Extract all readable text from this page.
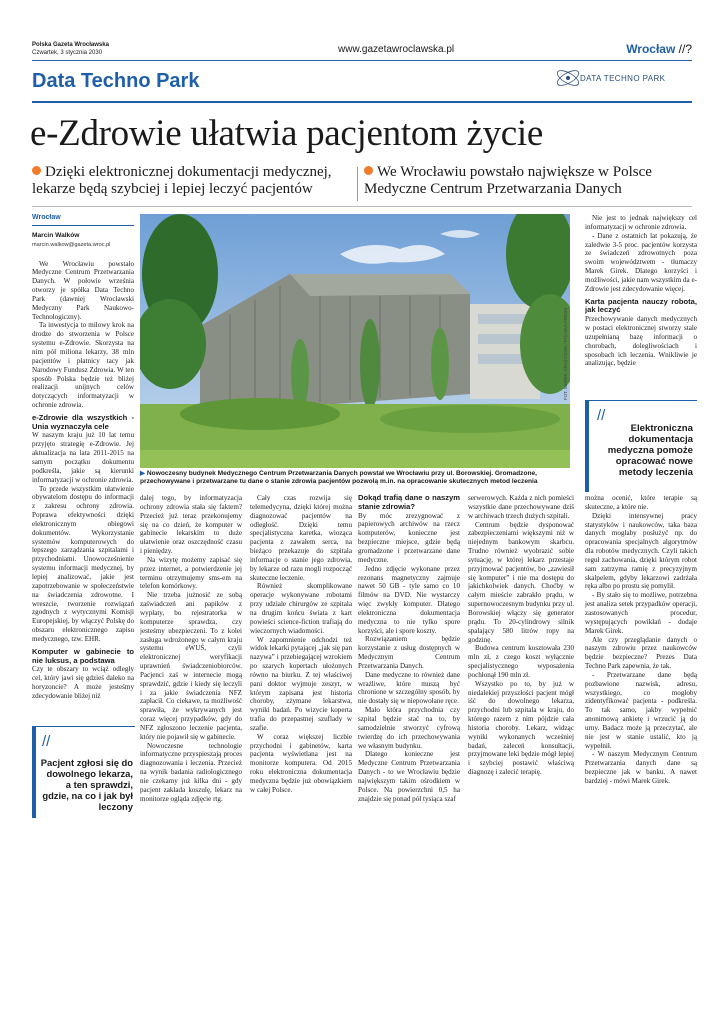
Polska Gazeta Wrocławska
Czwartek, 3 stycznia 2030	www.gazetawroclawska.pl	Wrocław //?
Data Techno Park	DATA TECHNO PARK
e-Zdrowie ułatwia pacjentom życie
Dzięki elektronicznej dokumentacji medycznej, lekarze będą szybciej i lepiej leczyć pacjentów
We Wrocławiu powstało największe w Polsce Medyczne Centrum Przetwarzania Danych
Wrocław
Marcin Walków
marcin.walkow@gazeta.wroc.pl

We Wrocławiu powstało Medyczne Centrum Przetwarzania Danych. W połowie września otworzy je spółka Data Techno Park (dawniej Wrocławski Medyczny Park Naukowo-Technologiczny).

Ta inwestycja to milowy krok na drodze do stworzenia w Polsce systemu e-Zdrowie. Skorzysta na nim pół miliona lekarzy, 38 mln pacjentów i płatnicy tacy jak Narodowy Fundusz Zdrowia. W ten sposób Polska będzie też bliżej realizacji unijnych celów dotyczących informatyzacji w ochronie zdrowia.

e-Zdrowie dla wszystkich - Unia wyznaczyła cele

W naszym kraju już 10 lat temu przyjęto strategię e-Zdrowie. Jej aktualizacja na lata 2011-2015 na samym początku dokumentu podkreśla, jakie są kierunki informatyzacji w ochronie zdrowia.

To przede wszystkim ułatwienie obywatelom dostępu do informacji z zakresu ochrony zdrowia. Poprawa efektywności dzięki elektronicznym obiegowi dokumentów. Wykorzystanie systemów komputerowych do lepszego zarządzania szpitalami i przychodniami. Unowocześnienie systemu informacji medycznej, by lepiej analizować, jakie jest zapotrzebowanie w społeczeństwie na świadczenia zdrowotne. I wreszcie, tworzenie rozwiązań zgodnych z wytycznymi Komisji Europejskiej, by włączyć Polskę do obszaru elektronicznego zapisu medycznego, tzw. EHR.

Komputer w gabinecie to nie luksus, a podstawa

Czy te obszary to wciąż odległy cel, który jawi się gdzieś daleko na horyzoncie? A może jesteśmy zdecydowanie bliżej niż

FOT. MAREK GRAŻYŃSKI / POLSKA PRESS
▶ Nowoczesny budynek Medycznego Centrum Przetwarzania Danych powstał we Wrocławiu przy ul. Borowskiej. Gromadzone, przechowywane i przetwarzane tu dane o stanie zdrowia pacjentów pozwolą m.in. na opracowanie skutecznych metod leczenia

Nie jest to jednak największy cel informatyzacji w ochronie zdrowia.

- Dane z ostatnich lat pokazują, że zaledwie 3-5 proc. pacjentów korzysta ze świadczeń zdrowotnych poza swoim województwem - tłumaczy Marek Girek. Dlatego korzyści i możliwości, jakie nam wszystkim da e-Zdrowie jest zdecydowanie więcej.

Karta pacjenta nauczy robota, jak leczyć

Przechowywanie danych medycznych w postaci elektronicznej stworzy stale uzupełnianą bazę informacji o chorobach, dolegliwościach i sposobach ich leczenia. Wnikliwie je analizując, będzie

//
Elektroniczna dokumentacja medyczna pomoże opracować nowe metody leczenia
//
Pacjent zgłosi się do dowolnego lekarza, a ten sprawdzi, gdzie, na co i jak był leczony

dalej tego, by informatyzacja ochrony zdrowia stała się faktem? Przecież już teraz przekonujemy się na co dzień, że komputer w gabinecie lekarskim to duże ułatwienie oraz oszczędność czasu i pieniędzy.

Na wizytę możemy zapisać się przez internet, a potwierdzenie jej terminu otrzymujemy sms-em na telefon komórkowy.

Nie trzeba jużnosić ze sobą zaświadczeń ani papików z wypłaty, bo rejestratorka w komputerze sprawdza, czy jesteśmy ubezpieczeni. To z kolei zasługa wdrożonego w całym kraju systemu eWUŚ, czyli elektronicznej weryfikacji uprawnień świadczeniobiorców. Pacjenci zaś w internecie mogą sprawdzić, gdzie i kiedy się leczyli i za jakie świadczenia NFZ zapłacił. Co ciekawe, ta możliwość sprawiła, że wykrywanych jest coraz więcej przypadków, gdy do NFZ zgłoszono leczenie pacjenta, który nie pojawił się w gabinecie.

Nowoczesne technologie informatyczne przyspieszają proces diagnozowania i leczenia. Przecież na wynik badania radiologicznego nie czekamy już kilka dni - gdy pacjent zakłada koszulę, lekarz na monitorze ogląda zdjęcie rtg.

Cały czas rozwija się telemedycyna, dzięki której można diagnozować pacjentów na odległość. Dzięki temu specjalistyczna karetka, wioząca pacjenta z zawałem serca, na bieżąco przekazuje do szpitala informacje o stanie jego zdrowia, by lekarze od razu mogli rozpocząć skuteczne leczenie.

Również skomplikowane operacje wykonywane robotami przy udziale chirurgów ze szpitala na drugim końcu świata z kart powieści science-fiction trafiają do wieczornych wiadomości.

W zapomnienie odchodzi też widok lekarki pytającej „jak się pan nazywa” i przebiegającej wzrokiem po szarych kopertach ułożonych równo na biurku. Z tej właściwej pani doktor wyjmuje zeszyt, w którym zapisana jest historia choroby, zżymane lekarstwa, wyniki badań. Po wizycie koperta trafia do przepastnej szuflady w szafie.

W coraz większej liczbie przychodni i gabinetów, karta pacjenta wyświetlana jest na monitorze komputera. Od 2015 roku elektroniczna dokumentacja medyczna będzie już obowiązkiem w całej Polsce.

Dokąd trafią dane o naszym stanie zdrowia?

By móc zrezygnować z papierowych archiwów na rzecz komputerów, konieczne jest bezpieczne miejsce, gdzie będą gromadzone i przetwarzane dane medyczne.

Jedno zdjęcie wykonane przez rezonans magnetyczny zajmuje nawet 50 GB - tyle samo co 10 filmów na DVD. Nie wystarczy więc zwykły komputer. Dlatego elektroniczna dokumentacja medyczna to nie tylko spore korzyści, ale i spore koszty.

Rozwiązaniem będzie korzystanie z usług dostępnych w Medycznym Centrum Przetwarzania Danych.

Dane medyczne to również dane wrażliwe, które muszą być chronione w szczególny sposób, by nie dostały się w niepowołane ręce.

Mało która przychodnia czy szpital będzie stać na to, by samodzielnie stworzyć cyfrową twierdzę do ich przechowywania we własnym budynku.

Dlatego konieczne jest Medyczne Centrum Przetwarzania Danych - to we Wrocławiu będzie największym takim ośrodkiem w Polsce. Na powierzchni 0,5 ha znajdzie się ponad pół tysiąca szaf

serwerowych. Każda z nich pomieści wszystkie dane przechowywane dziś w archiwach trzech dużych szpitali.

Centrum będzie dysponować zabezpieczeniami większymi niż w niejednym bankowym skarbcu. Trudno również wyobrazić sobie sytuację, w której lekarz przestaje przyjmować pacjentów, bo „zawiesił się komputer” i nie ma dostępu do jakichkolwiek danych. Choćby w całym mieście zabrakło prądu, w supernowoczesnym budynku przy ul. Borowskiej włączy się generator prądu. To 20-cylindrowy silnik spalający 580 litrów ropy na godzinę.

Budowa centrum kosztowała 230 mln zł, z czego koszt wyłącznie specjalistycznego wyposażenia pochłonął 190 mln zł.

Wszystko po to, by już w niedalekiej przyszłości pacjent mógł iść do dowolnego lekarza, przychodni lub szpitala w kraju, do którego razem z nim pójdzie cała historia choroby. Lekarz, widząc wyniki wykonanych wcześniej badań, zaleceń konsultacji, przyjmowane leki będzie mógł lepiej i szybciej postawić właściwą diagnozę i zalecić terapię.

można ocenić, które terapie są skuteczne, a które nie.

Dzięki intensywnej pracy statystyków i naukowców, taka baza danych mogłaby posłużyć np. do opracowania specjalnych algorytmów dla robotów medycznych. Czyli takich reguł zachowania, dzięki którym robot sam zatrzyma ramię z precyzyjnym skalpelem, gdyby lekarzowi zadrżała ręka albo po prostu się pomylił.

- By stało się to możliwe, potrzebna jest analiza setek przypadków operacji, zastosowanych procedur, występujących powikłań - dodaje Marek Girek.

Ale czy przeglądanie danych o naszym zdrowiu przez naukowców będzie bezpieczne? Prezes Data Techno Park zapewnia, że tak.

- Przetwarzane dane będą pozbawione nazwisk, adresu, wszystkiego, co mogłoby zidentyfikować pacjenta - podkreśla. To tak samo, jakby wypełnić anonimową ankietę i wrzucić ją do urny. Badacz może ją przeczytać, ale nie jest w stanie ustalić, kto ją wypełnił.

- W naszym Medycznym Centrum Przetwarzania danych dane są bezpieczne jak w banku. A nawet bardziej - mówi Marek Girek.
